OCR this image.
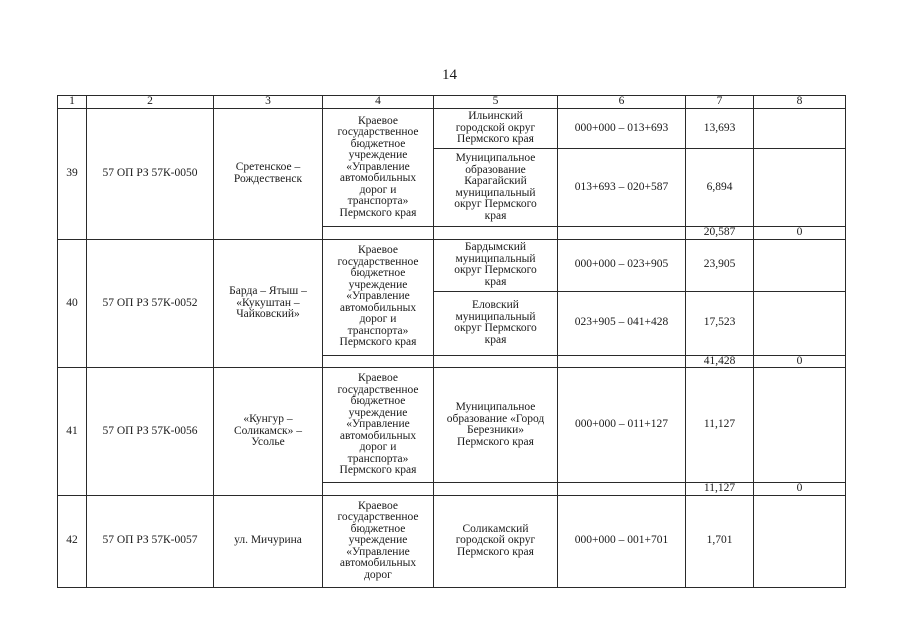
14
1	2	3	4	5	6	7	8
39	57 ОП РЗ 57К-0050	Сретенское – Рождественск	Краевое государственное бюджетное учреждение «Управление автомобильных дорог и транспорта» Пермского края	Ильинский городской округ Пермского края	000+000 – 013+693	13,693	

				Муниципальное образование Карагайский муниципальный округ Пермского края	013+693 – 020+587	6,894	
						20,587	0
40	57 ОП РЗ 57К-0052	Барда – Ятыш – «Кукуштан – Чайковский»	Краевое государственное бюджетное учреждение «Управление автомобильных дорог и транспорта» Пермского края	Бардымский муниципальный округ Пермского края	000+000 – 023+905	23,905	

				Еловский муниципальный округ Пермского края	023+905 – 041+428	17,523	
						41,428	0
41	57 ОП РЗ 57К-0056	«Кунгур – Соликамск» – Усолье	Краевое государственное бюджетное учреждение «Управление автомобильных дорог и транспорта» Пермского края	Муниципальное образование «Город Березники» Пермского края	000+000 – 011+127	11,127	
						11,127	0
42	57 ОП РЗ 57К-0057	ул. Мичурина	Краевое государственное бюджетное учреждение «Управление автомобильных дорог	Соликамский городской округ Пермского края	000+000 – 001+701	1,701	
